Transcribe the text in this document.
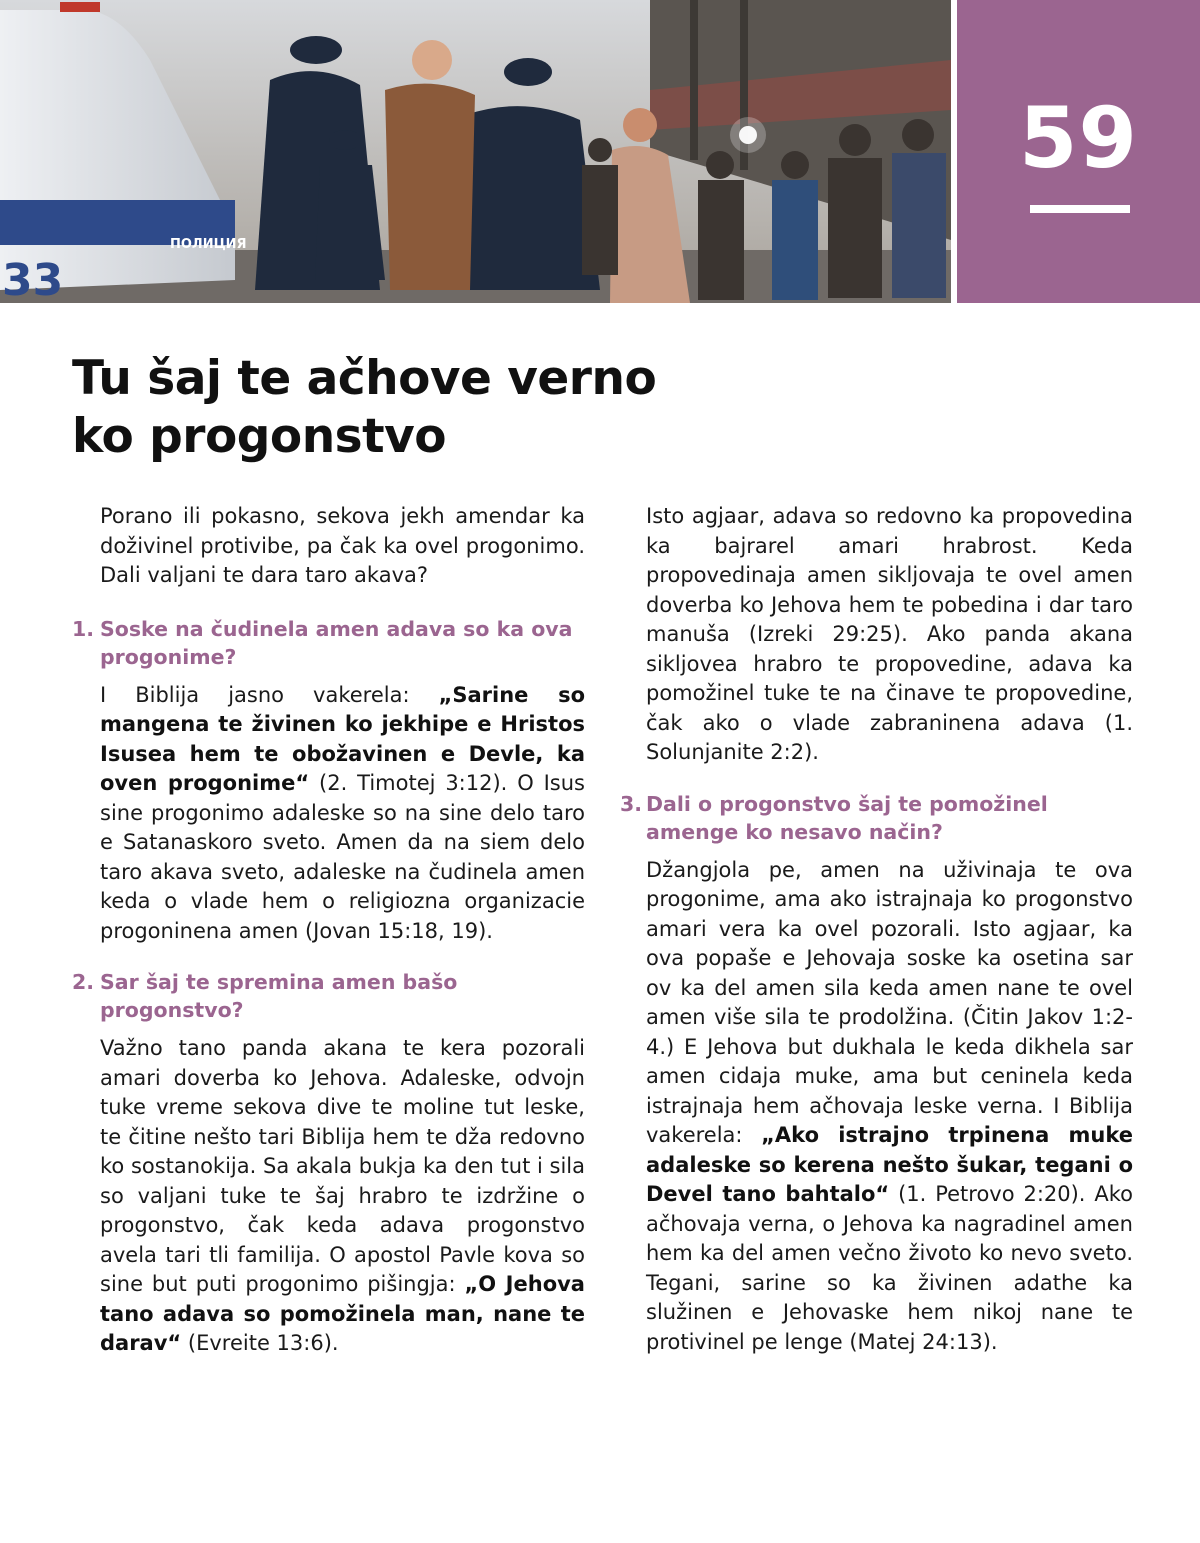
ПОЛИЦИЯ
33
59
Tu šaj te ačhove verno
ko progonstvo

Porano ili pokasno, sekova jekh amendar ka doživinel protivibe, pa čak ka ovel progonimo. Dali valjani te dara taro akava?

1. Soske na čudinela amen adava so ka ova progonime?

I Biblija jasno vakerela: „Sarine so mangena te živinen ko jekhipe e Hristos Isusea hem te obožavinen e Devle, ka oven progonime“ (2. Timotej 3:12). O Isus sine progonimo adaleske so na sine delo taro e Satanaskoro sveto. Amen da na siem delo taro akava sveto, adaleske na čudinela amen keda o vlade hem o religiozna organizacie progoninena amen (Jovan 15:18, 19).

2. Sar šaj te spremina amen bašo progonstvo?

Važno tano panda akana te kera pozorali amari doverba ko Jehova. Adaleske, odvojn tuke vreme sekova dive te moline tut leske, te čitine nešto tari Biblija hem te dža redovno ko sostanokija. Sa akala bukja ka den tut i sila so valjani tuke te šaj hrabro te izdržine o progonstvo, čak keda adava progonstvo avela tari tli familija. O apostol Pavle kova so sine but puti progonimo pišingja: „O Jehova tano adava so pomožinela man, nane te darav“ (Evreite 13:6).

Isto agjaar, adava so redovno ka propovedina ka bajrarel amari hrabrost. Keda propovedinaja amen sikljovaja te ovel amen doverba ko Jehova hem te pobedina i dar taro manuša (Izreki 29:25). Ako panda akana sikljovea hrabro te propovedine, adava ka pomožinel tuke te na činave te propovedine, čak ako o vlade zabraninena adava (1. Solunjanite 2:2).

3. Dali o progonstvo šaj te pomožinel amenge ko nesavo način?

Džangjola pe, amen na uživinaja te ova progonime, ama ako istrajnaja ko progonstvo amari vera ka ovel pozorali. Isto agjaar, ka ova popaše e Jehovaja soske ka osetina sar ov ka del amen sila keda amen nane te ovel amen više sila te prodolžina. (Čitin Jakov 1:2-4.) E Jehova but dukhala le keda dikhela sar amen cidaja muke, ama but ceninela keda istrajnaja hem ačhovaja leske verna. I Biblija vakerela: „Ako istrajno trpinena muke adaleske so kerena nešto šukar, tegani o Devel tano bahtalo“ (1. Petrovo 2:20). Ako ačhovaja verna, o Jehova ka nagradinel amen hem ka del amen večno životo ko nevo sveto. Tegani, sarine so ka živinen adathe ka služinen e Jehovaske hem nikoj nane te protivinel pe lenge (Matej 24:13).
